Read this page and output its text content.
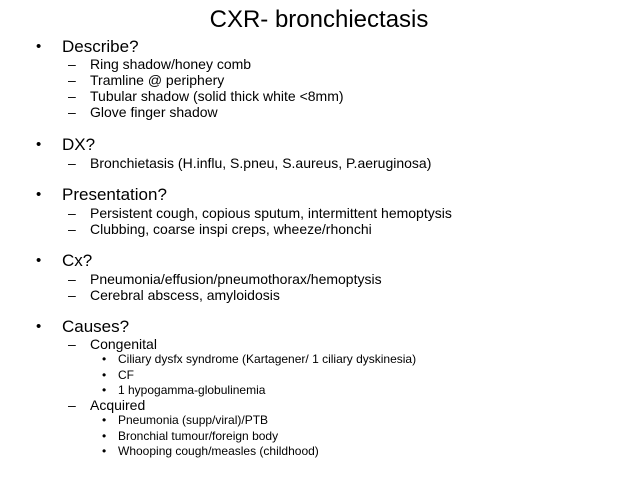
CXR- bronchiectasis
• Describe?
– Ring shadow/honey comb
– Tramline @ periphery
– Tubular shadow (solid thick white <8mm)
– Glove finger shadow
• DX?
– Bronchietasis (H.influ, S.pneu, S.aureus, P.aeruginosa)
• Presentation?
– Persistent cough, copious sputum, intermittent hemoptysis
– Clubbing, coarse inspi creps, wheeze/rhonchi
• Cx?
– Pneumonia/effusion/pneumothorax/hemoptysis
– Cerebral abscess, amyloidosis
• Causes?
– Congenital
• Ciliary dysfx syndrome (Kartagener/ 1 ciliary dyskinesia)
• CF
• 1 hypogamma-globulinemia
– Acquired
• Pneumonia (supp/viral)/PTB
• Bronchial tumour/foreign body
• Whooping cough/measles (childhood)
